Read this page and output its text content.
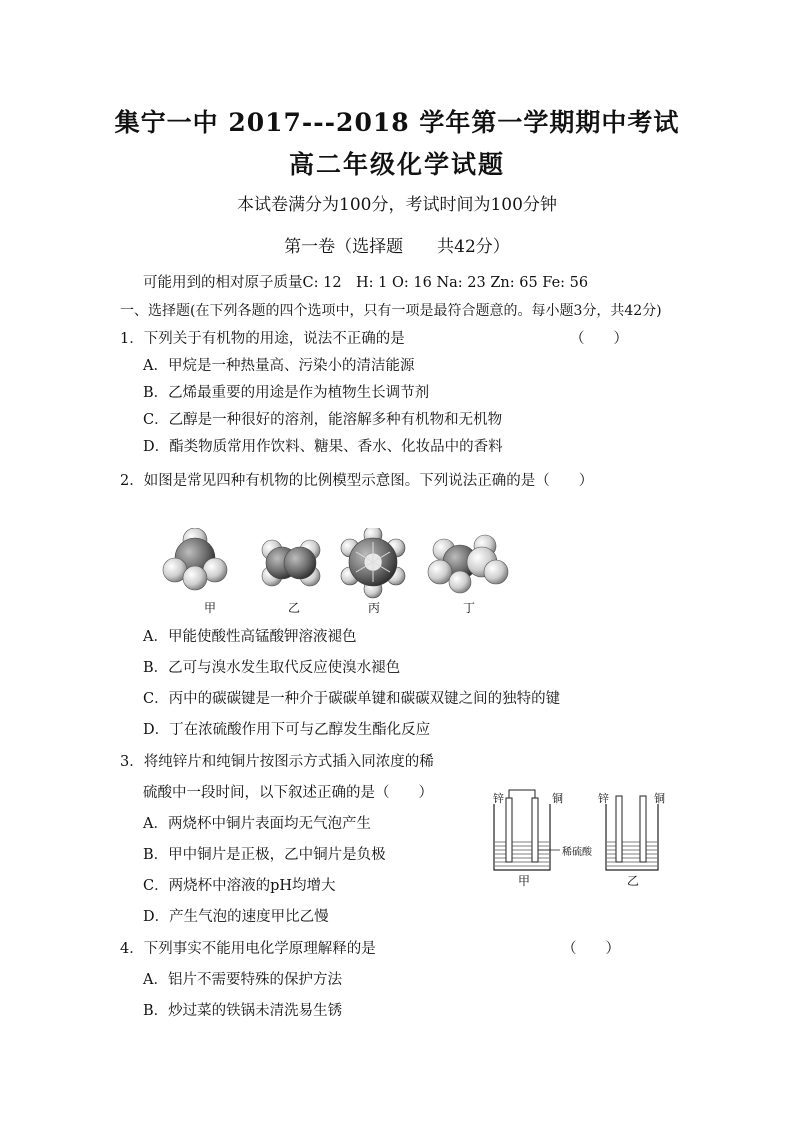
集宁一中 2017---2018 学年第一学期期中考试
高二年级化学试题
本试卷满分为100分，考试时间为100分钟
第一卷（选择题　　共42分）
可能用到的相对原子质量C: 12　H: 1 O: 16 Na: 23 Zn: 65 Fe: 56
一、选择题(在下列各题的四个选项中，只有一项是最符合题意的。每小题3分，共42分)
1．下列关于有机物的用途，说法不正确的是	（　　）
A．甲烷是一种热量高、污染小的清洁能源
B．乙烯最重要的用途是作为植物生长调节剂
C．乙醇是一种很好的溶剂，能溶解多种有机物和无机物
D．酯类物质常用作饮料、糖果、香水、化妆品中的香料
2．如图是常见四种有机物的比例模型示意图。下列说法正确的是（　　）
甲	乙	丙	丁
A．甲能使酸性高锰酸钾溶液褪色
B．乙可与溴水发生取代反应使溴水褪色
C．丙中的碳碳键是一种介于碳碳单键和碳碳双键之间的独特的键
D．丁在浓硫酸作用下可与乙醇发生酯化反应
3．将纯锌片和纯铜片按图示方式插入同浓度的稀
硫酸中一段时间，以下叙述正确的是（　　）
A．两烧杯中铜片表面均无气泡产生
B．甲中铜片是正极，乙中铜片是负极
C．两烧杯中溶液的pH均增大
D．产生气泡的速度甲比乙慢
锌	铜	锌	铜
稀硫酸
甲	乙
4．下列事实不能用电化学原理解释的是	（　　）
A．铝片不需要特殊的保护方法
B．炒过菜的铁锅未清洗易生锈
